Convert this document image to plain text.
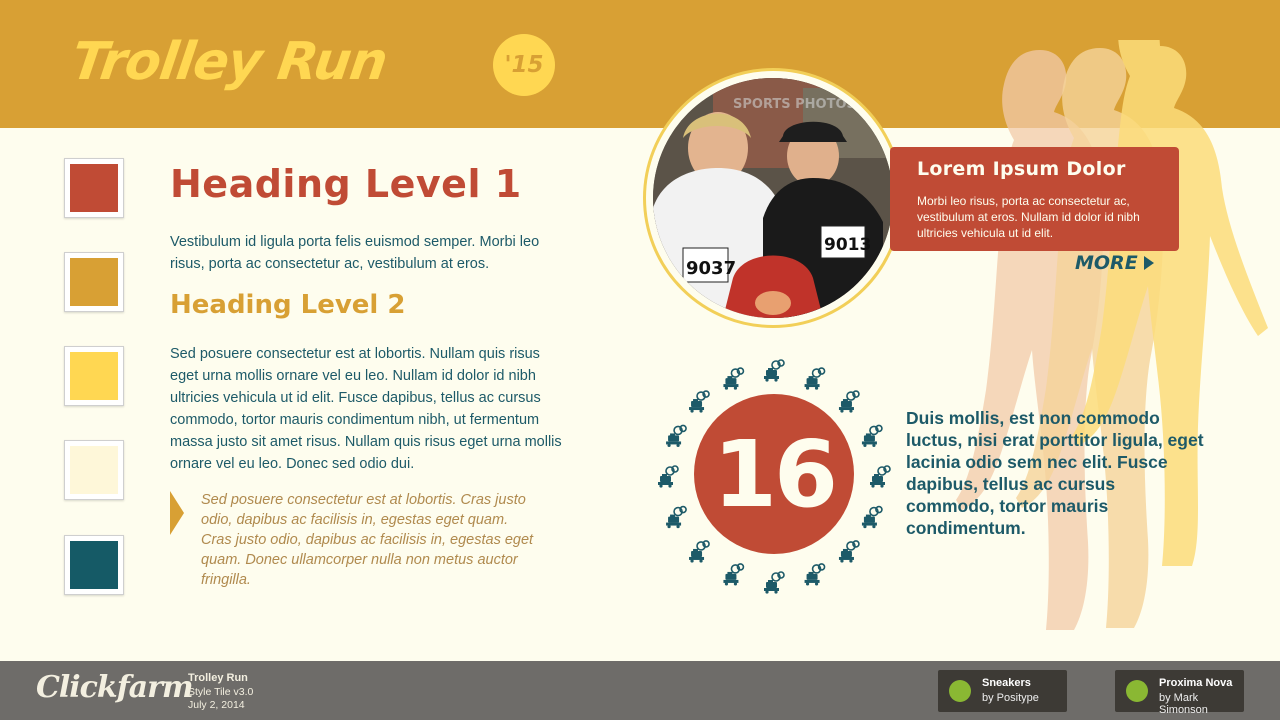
Trolley Run	'15
Heading Level 1
Vestibulum id ligula porta felis euismod semper. Morbi leo risus, porta ac consectetur ac, vestibulum at eros.
Heading Level 2
Sed posuere consectetur est at lobortis. Nullam quis risus eget urna mollis ornare vel eu leo. Nullam id dolor id nibh ultricies vehicula ut id elit. Fusce dapibus, tellus ac cursus commodo, tortor mauris condimentum nibh, ut fermentum massa justo sit amet risus. Nullam quis risus eget urna mollis ornare vel eu leo. Donec sed odio dui.
Sed posuere consectetur est at lobortis. Cras justo odio, dapibus ac facilisis in, egestas eget quam. Cras justo odio, dapibus ac facilisis in, egestas eget quam. Donec ullamcorper nulla non metus auctor fringilla.
9037
9013
SPORTS PHOTOS.com
Lorem Ipsum Dolor
Morbi leo risus, porta ac consectetur ac, vestibulum at eros. Nullam id dolor id nibh ultricies vehicula ut id elit.
MORE
16
Duis mollis, est non commodo luctus, nisi erat porttitor ligula, eget lacinia odio sem nec elit. Fusce dapibus, tellus ac cursus commodo, tortor mauris condimentum.
Clickfarm
Trolley Run
Style Tile v3.0
July 2, 2014
Sneakers
by Positype
Proxima Nova
by Mark Simonson
